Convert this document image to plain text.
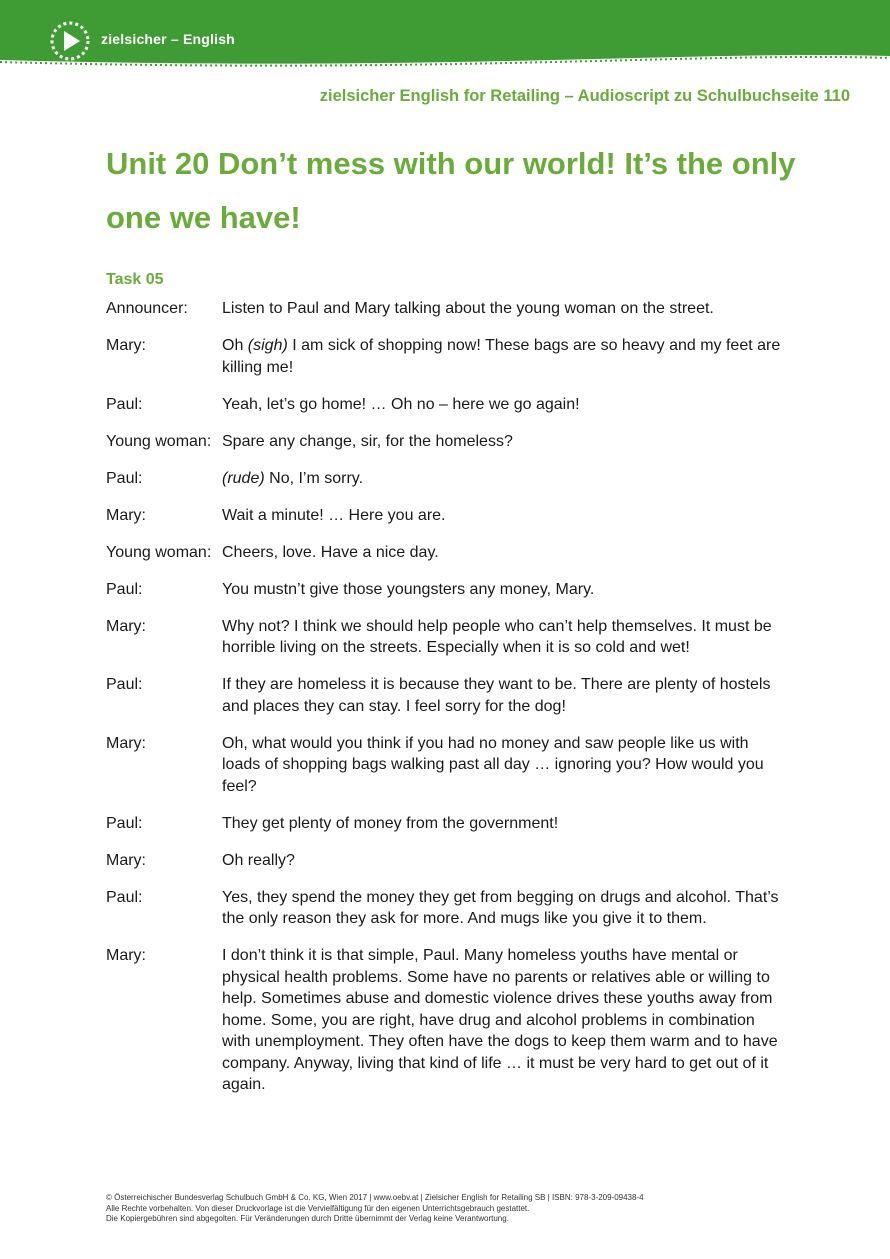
zielsicher – English
zielsicher English for Retailing – Audioscript zu Schulbuchseite 110
Unit 20 Don’t mess with our world! It’s the only one we have!
Task 05
Announcer:	Listen to Paul and Mary talking about the young woman on the street.
Mary:	Oh (sigh) I am sick of shopping now! These bags are so heavy and my feet are killing me!
Paul:	Yeah, let’s go home! … Oh no – here we go again!
Young woman: Spare any change, sir, for the homeless?
Paul:	(rude) No, I’m sorry.
Mary:	Wait a minute! … Here you are.
Young woman: Cheers, love. Have a nice day.
Paul:	You mustn’t give those youngsters any money, Mary.
Mary:	Why not? I think we should help people who can’t help themselves. It must be horrible living on the streets. Especially when it is so cold and wet!
Paul:	If they are homeless it is because they want to be. There are plenty of hostels and places they can stay. I feel sorry for the dog!
Mary:	Oh, what would you think if you had no money and saw people like us with loads of shopping bags walking past all day … ignoring you? How would you feel?
Paul:	They get plenty of money from the government!
Mary:	Oh really?
Paul:	Yes, they spend the money they get from begging on drugs and alcohol. That’s the only reason they ask for more. And mugs like you give it to them.
Mary:	I don’t think it is that simple, Paul. Many homeless youths have mental or physical health problems. Some have no parents or relatives able or willing to help. Sometimes abuse and domestic violence drives these youths away from home. Some, you are right, have drug and alcohol problems in combination with unemployment. They often have the dogs to keep them warm and to have company. Anyway, living that kind of life … it must be very hard to get out of it again.
© Österreichischer Bundesverlag Schulbuch GmbH & Co. KG, Wien 2017 | www.oebv.at | Zielsicher English for Retailing SB | ISBN: 978-3-209-09438-4
Alle Rechte vorbehalten. Von dieser Druckvorlage ist die Vervielfältigung für den eigenen Unterrichtsgebrauch gestattet.
Die Kopiergebühren sind abgegolten. Für Veränderungen durch Dritte übernimmt der Verlag keine Verantwortung.
